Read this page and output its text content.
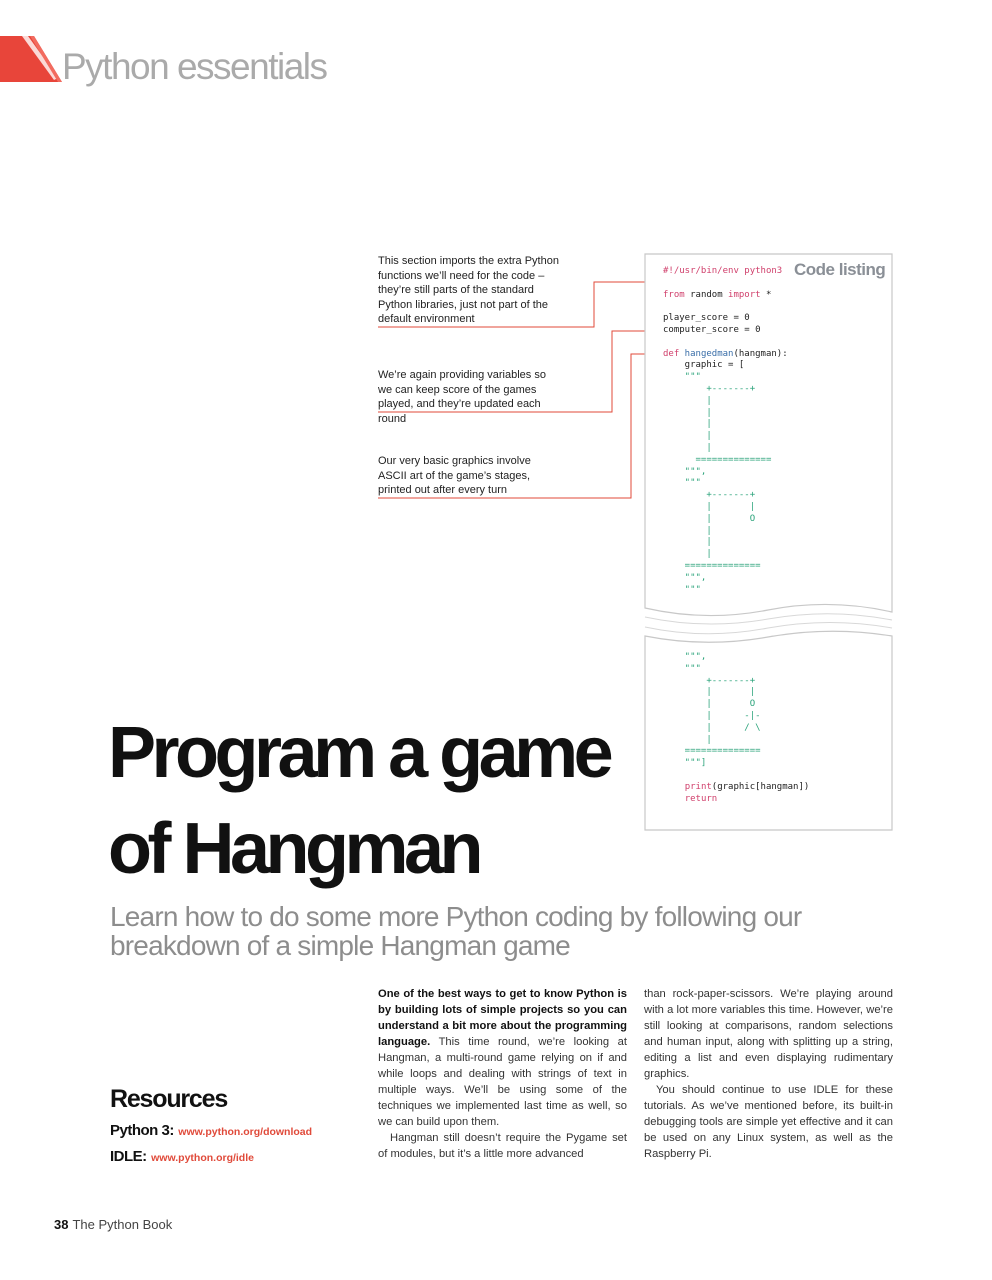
Python essentials
This section imports the extra Python functions we’ll need for the code – they’re still parts of the standard Python libraries, just not part of the default environment
We’re again providing variables so we can keep score of the games played, and they’re updated each round
Our very basic graphics involve ASCII art of the game’s stages, printed out after every turn
Code listing
#!/usr/bin/env python3

from random import *

player_score = 0
computer_score = 0

def hangedman(hangman):
graphic = [
"""
+-------+
|
|
|
|
|
==============
""",
"""
+-------+
|       |
|       O
|
|
|
==============
""",
"""
""",
"""
+-------+
|       |
|       O
|      -|-
|      / \
|
==============
"""]

print(graphic[hangman])
return
Program a game
of Hangman
Learn how to do some more Python coding by following our breakdown of a simple Hangman game
Resources
Python 3: www.python.org/download
IDLE: www.python.org/idle

One of the best ways to get to know Python is by building lots of simple projects so you can understand a bit more about the programming language. This time round, we’re looking at Hangman, a multi-round game relying on if and while loops and dealing with strings of text in multiple ways. We’ll be using some of the techniques we implemented last time as well, so we can build upon them.

Hangman still doesn’t require the Pygame set of modules, but it’s a little more advanced

than rock-paper-scissors. We’re playing around with a lot more variables this time. However, we’re still looking at comparisons, random selections and human input, along with splitting up a string, editing a list and even displaying rudimentary graphics.

You should continue to use IDLE for these tutorials. As we’ve mentioned before, its built-in debugging tools are simple yet effective and it can be used on any Linux system, as well as the Raspberry Pi.

38 The Python Book
